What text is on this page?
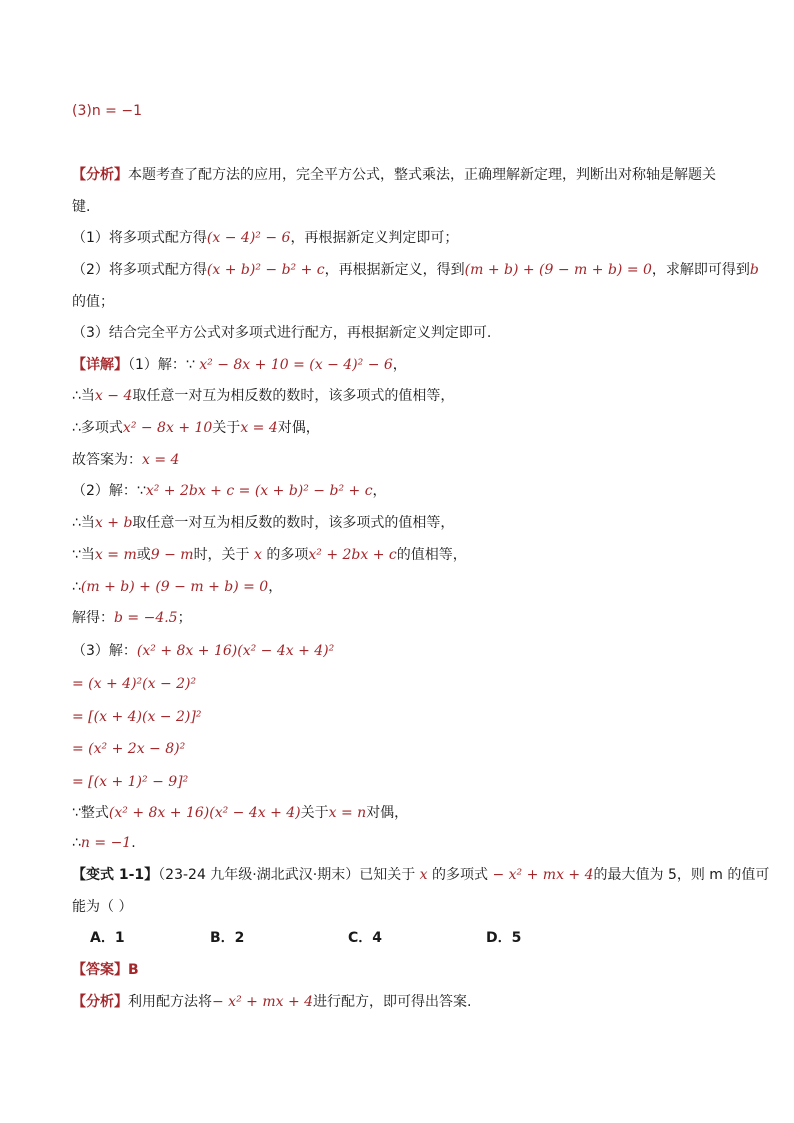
(3)n = −1
【分析】本题考查了配方法的应用，完全平方公式，整式乘法，正确理解新定理，判断出对称轴是解题关
键.
（1）将多项式配方得(x − 4)² − 6，再根据新定义判定即可；
（2）将多项式配方得(x + b)² − b² + c，再根据新定义，得到(m + b) + (9 − m + b) = 0，求解即可得到b
的值；
（3）结合完全平方公式对多项式进行配方，再根据新定义判定即可.
【详解】（1）解：∵ x² − 8x + 10 = (x − 4)² − 6，
∴当x − 4取任意一对互为相反数的数时，该多项式的值相等，
∴多项式x² − 8x + 10关于x = 4对偶，
故答案为：x = 4
（2）解：∵x² + 2bx + c = (x + b)² − b² + c，
∴当x + b取任意一对互为相反数的数时，该多项式的值相等，
∵当x = m或9 − m时，关于 x 的多项x² + 2bx + c的值相等，
∴(m + b) + (9 − m + b) = 0，
解得：b = −4.5；
（3）解：(x² + 8x + 16)(x² − 4x + 4)²
= (x + 4)²(x − 2)²
= [(x + 4)(x − 2)]²
= (x² + 2x − 8)²
= [(x + 1)² − 9]²
∵整式(x² + 8x + 16)(x² − 4x + 4)关于x = n对偶，
∴n = −1.
【变式 1-1】（23-24 九年级·湖北武汉·期末）已知关于 x 的多项式 − x² + mx + 4的最大值为 5，则 m 的值可
能为（ ）
A．1	B．2	C．4	D．5
【答案】B
【分析】利用配方法将− x² + mx + 4进行配方，即可得出答案.
